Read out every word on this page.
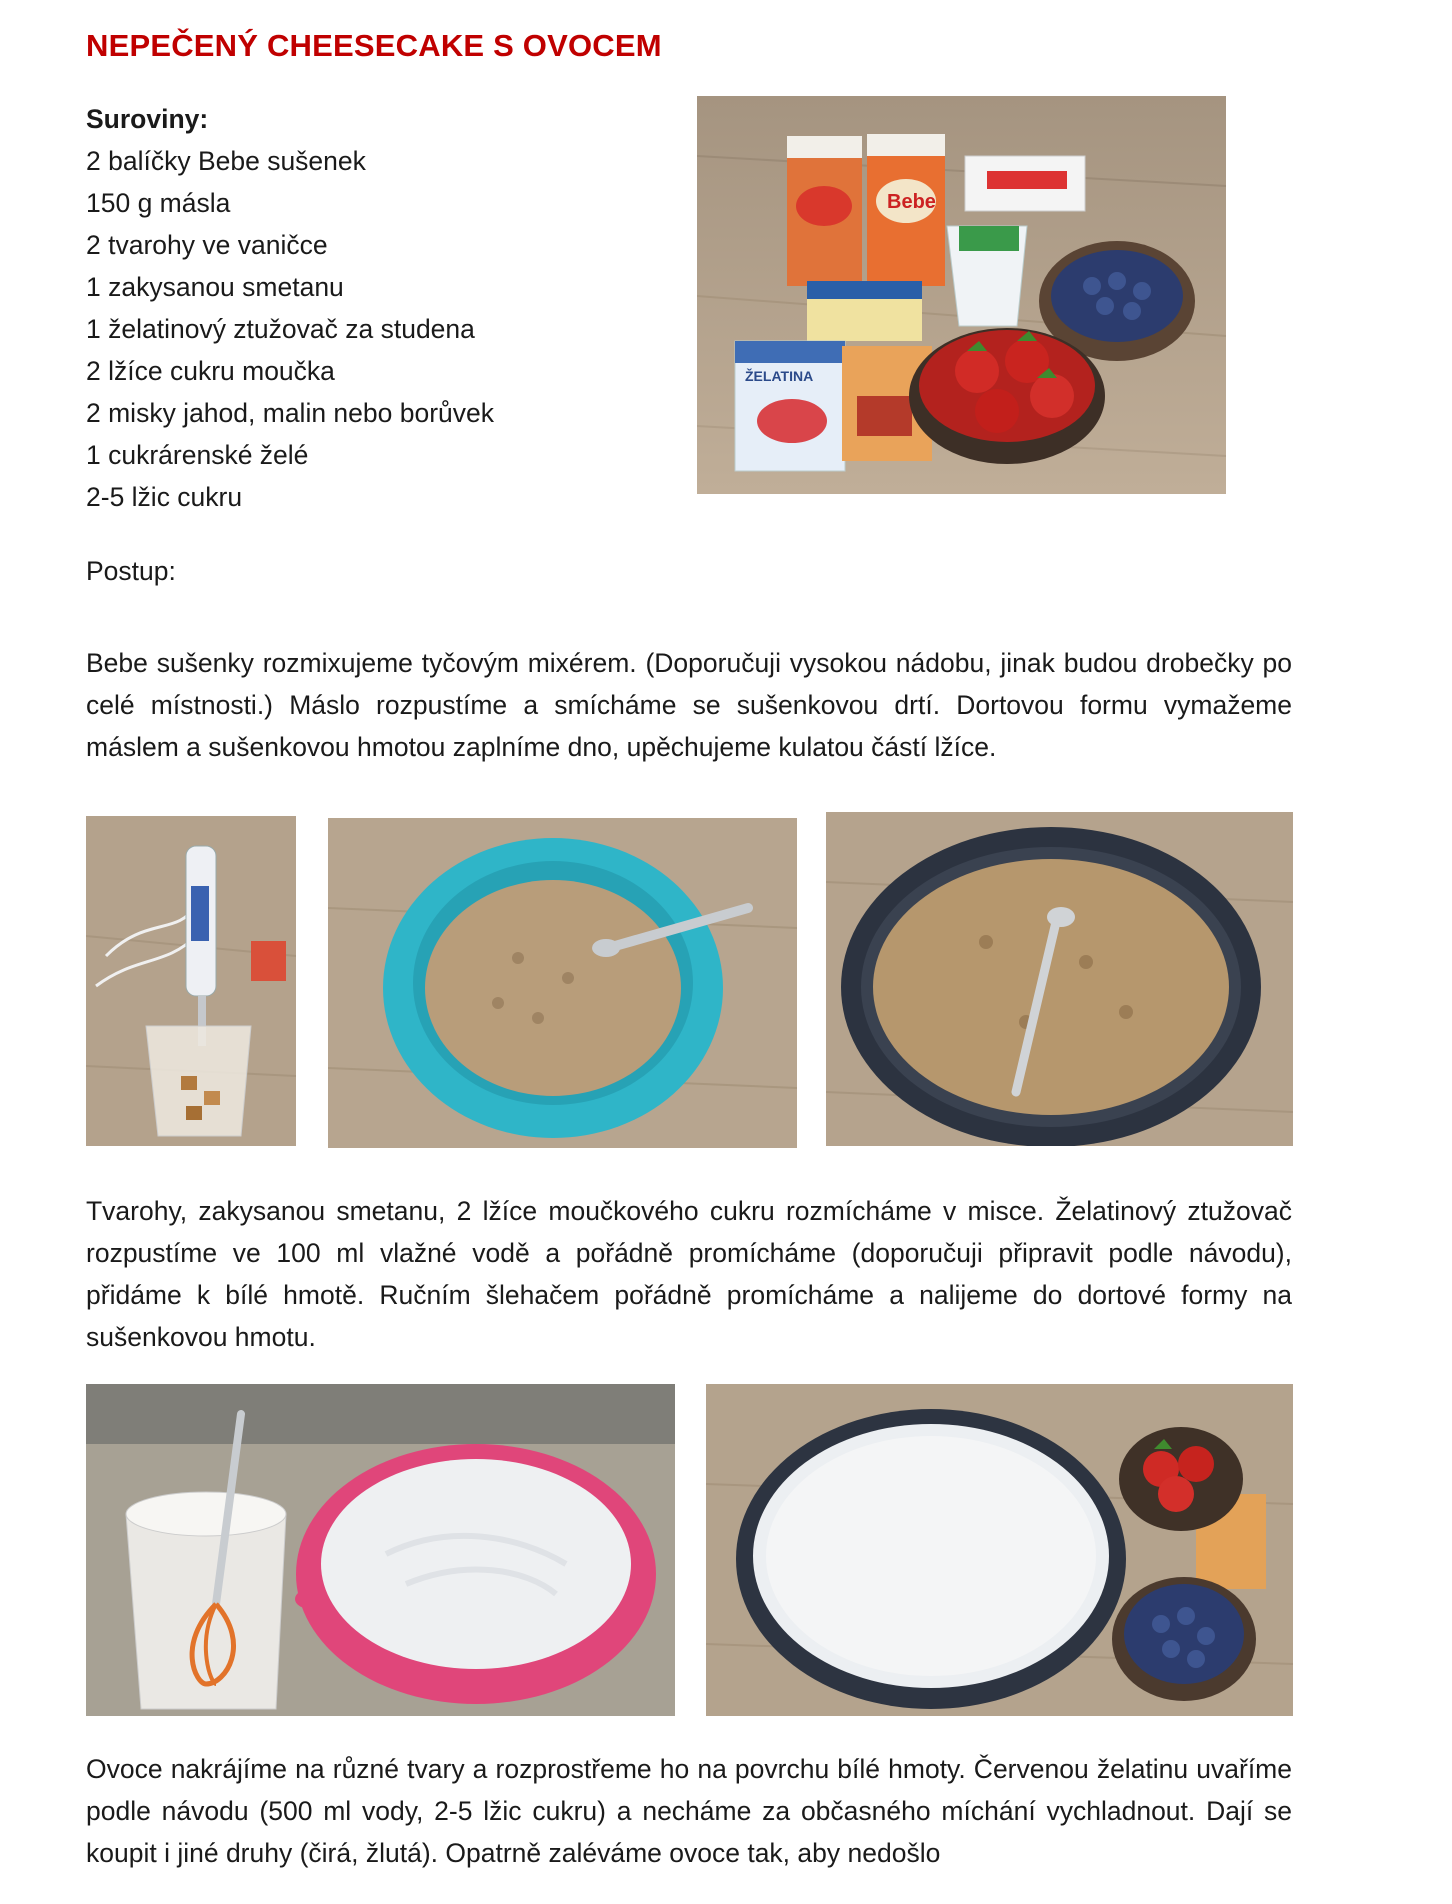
NEPEČENÝ CHEESECAKE S OVOCEM
Suroviny:
2 balíčky Bebe sušenek
150 g másla
2 tvarohy ve vaničce
1 zakysanou smetanu
1 želatinový ztužovač za studena
2 lžíce cukru moučka
2 misky jahod, malin nebo borůvek
1 cukrárenské želé
2-5 lžic cukru
Bebe
ŽELATINA
Postup:
Bebe sušenky rozmixujeme tyčovým mixérem. (Doporučuji vysokou nádobu, jinak budou drobečky po celé místnosti.) Máslo rozpustíme a smícháme se sušenkovou drtí. Dortovou formu vymažeme máslem a sušenkovou hmotou zaplníme dno, upěchujeme kulatou částí lžíce.
Tvarohy, zakysanou smetanu, 2 lžíce moučkového cukru rozmícháme v misce. Želatinový ztužovač rozpustíme ve 100 ml vlažné vodě a pořádně promícháme (doporučuji připravit podle návodu), přidáme k bílé hmotě. Ručním šlehačem pořádně promícháme a nalijeme do dortové formy na sušenkovou hmotu.
Ovoce nakrájíme na různé tvary a rozprostřeme ho na povrchu bílé hmoty. Červenou želatinu uvaříme podle návodu (500 ml vody, 2-5 lžic cukru) a necháme za občasného míchání vychladnout. Dají se koupit i jiné druhy (čirá, žlutá). Opatrně zaléváme ovoce tak, aby nedošlo
